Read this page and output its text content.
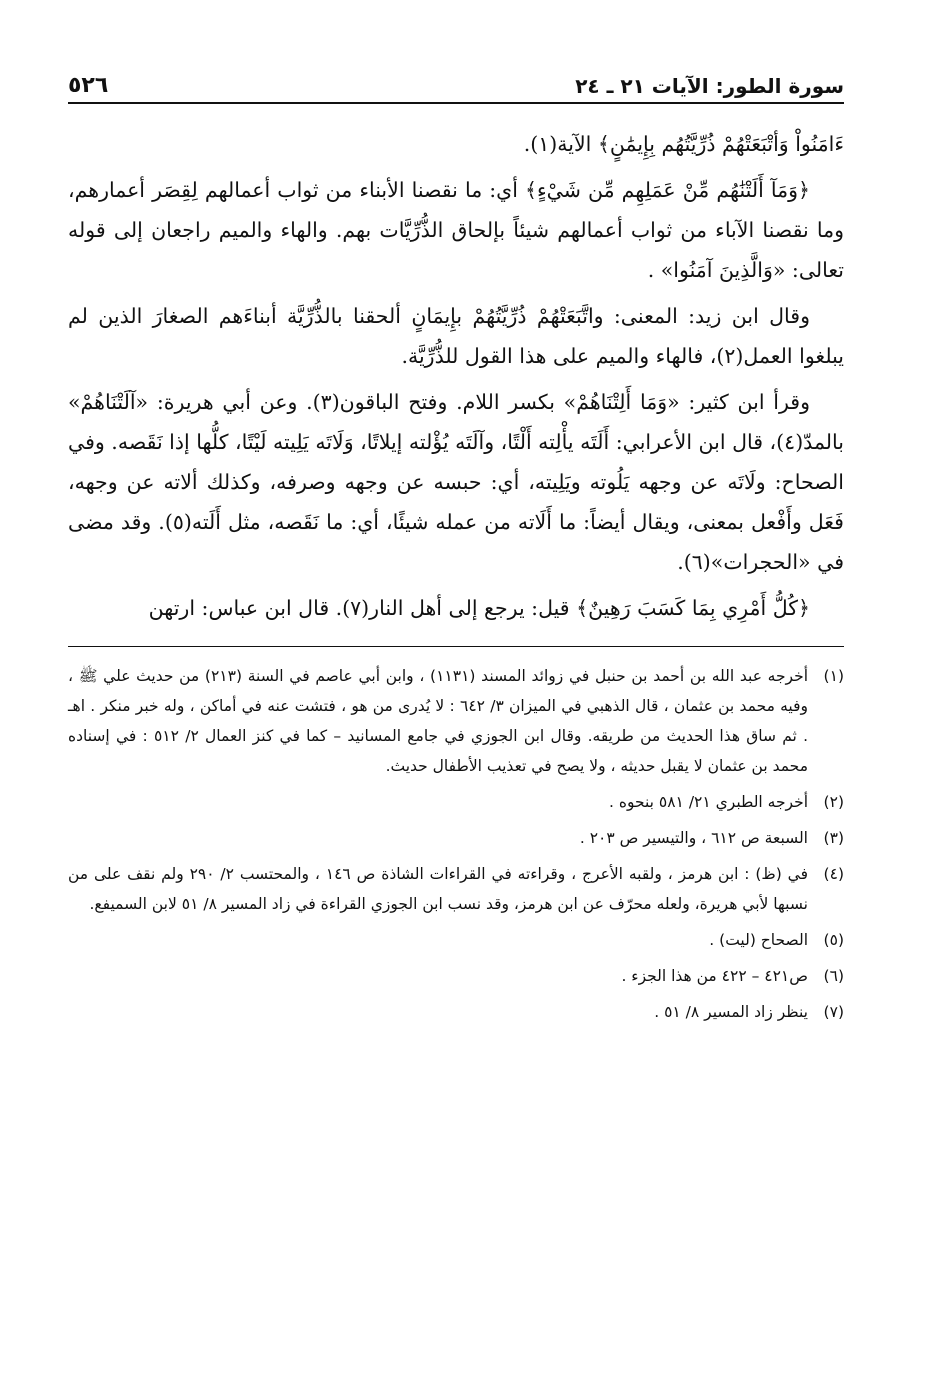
سورة الطور: الآيات ٢١ ـ ٢٤
٥٢٦

ءَامَنُواْ وَأتْبَعَتْهُمْ ذُرِّيَّتُهُم بِإِيمَٰنٍ﴾ الآية(١).

﴿وَمَآ أَلَتْنَٰهُم مِّنْ عَمَلِهِم مِّن شَيْءٍ﴾ أي: ما نقصنا الأبناء من ثواب أعمالهم لِقِصَر أعمارهم، وما نقصنا الآباء من ثواب أعمالهم شيئاً بإلحاق الذُّرِّيَّات بهم. والهاء والميم راجعان إلى قوله تعالى: «وَالَّذِينَ آمَنُوا» .

وقال ابن زيد: المعنى: واتَّبَعَتْهُمْ ذُرِّيَّتُهُمْ بإِيمَانٍ ألحقنا بالذُّرِّيَّة أبناءَهم الصغارَ الذين لم يبلغوا العمل(٢)، فالهاء والميم على هذا القول للذُّرِّيَّة.

وقرأ ابن كثير: «وَمَا أَلِتْنَاهُمْ» بكسر اللام. وفتح الباقون(٣). وعن أبي هريرة: «آلَتْنَاهُمْ» بالمدّ(٤)، قال ابن الأعرابي: أَلَتَه يأْلِته أَلْتًا، وآلَتَه يُؤْلته إيلاتًا، وَلَاتَه يَلِيته لَيْتًا، كلُّها إذا نَقَصه. وفي الصحاح: ولَاتَه عن وجهه يَلُوته ويَلِيته، أي: حبسه عن وجهه وصرفه، وكذلك ألاته عن وجهه، فَعَل وأَفْعل بمعنى، ويقال أيضاً: ما أَلَاته من عمله شيئًا، أي: ما نَقَصه، مثل أَلَته(٥). وقد مضى في «الحجرات»(٦).

﴿كُلُّ أَمْرِي بِمَا كَسَبَ رَهِينٌ﴾ قيل: يرجع إلى أهل النار(٧). قال ابن عباس: ارتهن

(١)
أخرجه عبد الله بن أحمد بن حنبل في زوائد المسند (١١٣١) ، وابن أبي عاصم في السنة (٢١٣) من حديث علي ﷺ ، وفيه محمد بن عثمان ، قال الذهبي في الميزان ٣/ ٦٤٢ : لا يُدرى من هو ، فتشت عنه في أماكن ، وله خبر منكر . اهـ . ثم ساق هذا الحديث من طريقه. وقال ابن الجوزي في جامع المسانيد – كما في كنز العمال ٢/ ٥١٢ : في إسناده محمد بن عثمان لا يقبل حديثه ، ولا يصح في تعذيب الأطفال حديث.
(٢)
أخرجه الطبري ٢١/ ٥٨١ بنحوه .
(٣)
السبعة ص ٦١٢ ، والتيسير ص ٢٠٣ .
(٤)
في (ظ) : ابن هرمز ، ولقبه الأعرج ، وقراءته في القراءات الشاذة ص ١٤٦ ، والمحتسب ٢/ ٢٩٠ ولم نقف على من نسبها لأبي هريرة، ولعله محرّف عن ابن هرمز، وقد نسب ابن الجوزي القراءة في زاد المسير ٨/ ٥١ لابن السميفع.
(٥)
الصحاح (ليت) .
(٦)
ص٤٢١ – ٤٢٢ من هذا الجزء .
(٧)
ينظر زاد المسير ٨/ ٥١ .
